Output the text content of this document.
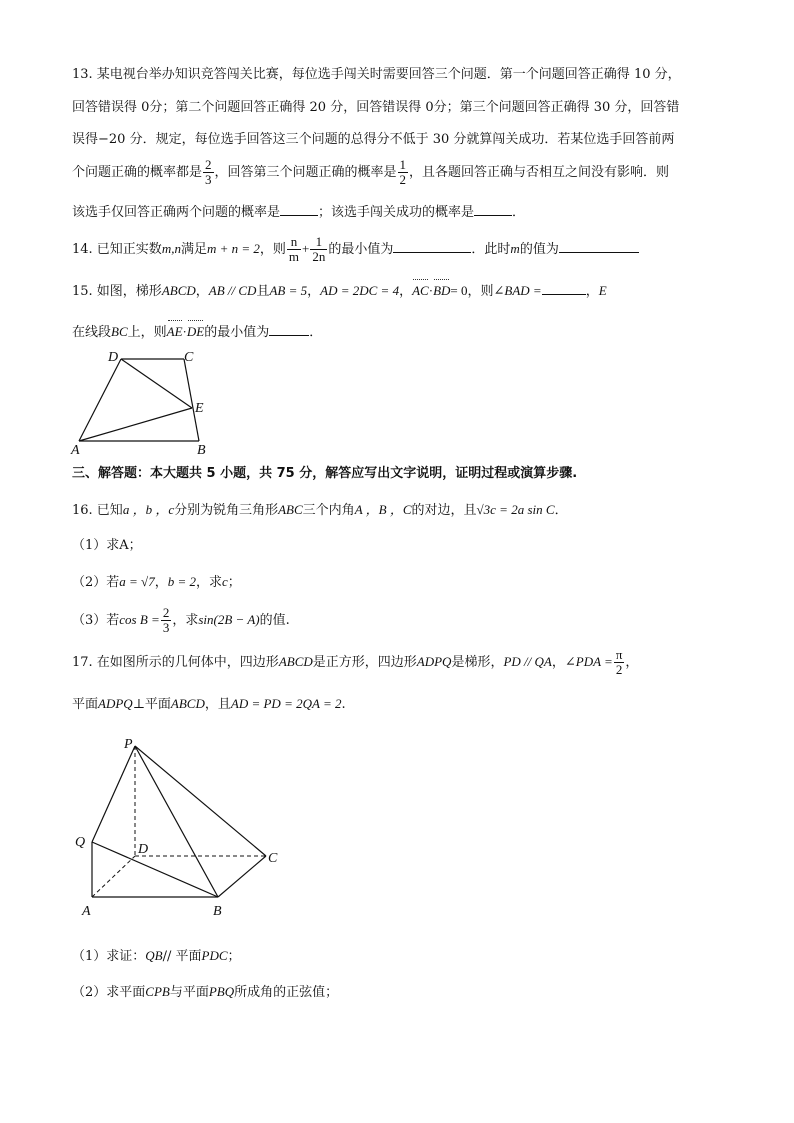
13. 某电视台举办知识竞答闯关比赛，每位选手闯关时需要回答三个问题．第一个问题回答正确得 10 分，
回答错误得 0分；第二个问题回答正确得 20 分，回答错误得 0分；第三个问题回答正确得 30 分，回答错
误得−20 分．规定，每位选手回答这三个问题的总得分不低于 30 分就算闯关成功．若某位选手回答前两
个问题正确的概率都是 $\frac{2}{3}$ ，回答第三个问题正确的概率是 $\frac{1}{2}$ ，且各题回答正确与否相互之间没有影响．则
该选手仅回答正确两个问题的概率是	；该选手闯关成功的概率是	．
14. 已知正实数m,n满足m + n = 2，则 $\frac{n}{m} + \frac{1}{2n}$ 的最小值为	．此时m的值为
15. 如图，梯形ABCD，AB // CD且AB = 5，AD = 2DC = 4，AC·BD= 0，则∠BAD =	，E
在线段BC上，则AE·DE的最小值为	．
D	C
E
A	B
三、解答题：本大题共 5 小题，共 75 分，解答应写出文字说明，证明过程或演算步骤.
16. 已知a ，b ，c分别为锐角三角形ABC三个内角A ，B ，C的对边，且√3c = 2a sin C．
（1）求A；
（2）若a = √7，b = 2，求c；
（3）若$\cos B = \frac{2}{3}$ ，求sin(2B − A)的值.
17. 在如图所示的几何体中，四边形ABCD是正方形，四边形ADPQ是梯形，PD // QA，∠PDA = $\frac{\pi}{2}$ ，
平面ADPQ⊥平面ABCD，且AD = PD = 2QA = 2.
P
Q	D
C
A	B
（1）求证：QB// 平面PDC；
（2）求平面CPB与平面PBQ所成角的正弦值；
